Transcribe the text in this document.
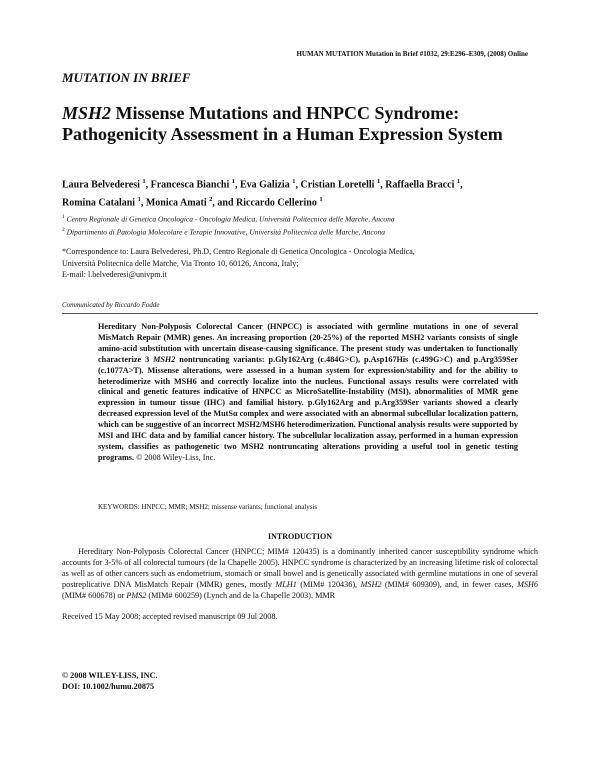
HUMAN MUTATION Mutation in Brief #1032, 29:E296–E309, (2008) Online
MUTATION IN BRIEF
MSH2 Missense Mutations and HNPCC Syndrome: Pathogenicity Assessment in a Human Expression System
Laura Belvederesi $^1$, Francesca Bianchi $^1$, Eva Galizia $^1$, Cristian Loretelli $^1$, Raffaella Bracci $^1$,
Romina Catalani $^1$, Monica Amati $^2$, and Riccardo Cellerino $^1$
$^1$ Centro Regionale di Genetica Oncologica - Oncologia Medica, Università Politecnica delle Marche, Ancona
$^2$ Dipartimento di Patologia Molecolare e Terapie Innovative, Università Politecnica delle Marche, Ancona
*Correspondence to: Laura Belvederesi, Ph.D, Centro Regionale di Genetica Oncologica - Oncologia Medica,
Università Politecnica delle Marche, Via Tronto 10, 60126, Ancona, Italy;
E-mail: l.belvederesi@univpm.it
Communicated by Riccardo Fodde
Hereditary Non-Polyposis Colorectal Cancer (HNPCC) is associated with germline mutations in one of several MisMatch Repair (MMR) genes. An increasing proportion (20-25%) of the reported MSH2 variants consists of single amino-acid substitution with uncertain disease-causing significance. The present study was undertaken to functionally characterize 3 MSH2 nontruncating variants: p.Gly162Arg (c.484G>C), p.Asp167His (c.499G>C) and p.Arg359Ser (c.1077A>T). Missense alterations, were assessed in a human system for expression/stability and for the ability to heterodimerize with MSH6 and correctly localize into the nucleus. Functional assays results were correlated with clinical and genetic features indicative of HNPCC as MicroSatellite-Instability (MSI), abnormalities of MMR gene expression in tumour tissue (IHC) and familial history. p.Gly162Arg and p.Arg359Ser variants showed a clearly decreased expression level of the MutSα complex and were associated with an abnormal subcellular localization pattern, which can be suggestive of an incorrect MSH2/MSH6 heterodimerization. Functional analysis results were supported by MSI and IHC data and by familial cancer history. The subcellular localization assay, performed in a human expression system, classifies as pathogenetic two MSH2 nontruncating alterations providing a useful tool in genetic testing programs. © 2008 Wiley-Liss, Inc.
KEYWORDS: HNPCC; MMR; MSH2; missense variants; functional analysis
INTRODUCTION

Hereditary Non-Polyposis Colorectal Cancer (HNPCC; MIM# 120435) is a dominantly inherited cancer susceptibility syndrome which accounts for 3-5% of all colorectal tumours (de la Chapelle 2005). HNPCC syndrome is characterized by an increasing lifetime risk of colorectal as well as of other cancers such as endometrium, stomach or small bowel and is genetically associated with germline mutations in one of several postreplicative DNA MisMatch Repair (MMR) genes, mostly MLH1 (MIM# 120436), MSH2 (MIM# 609309), and, in fewer cases, MSH6 (MIM# 600678) or PMS2 (MIM# 600259) (Lynch and de la Chapelle 2003). MMR

Received 15 May 2008; accepted revised manuscript 09 Jul 2008.
© 2008 WILEY-LISS, INC.
DOI: 10.1002/humu.20875
